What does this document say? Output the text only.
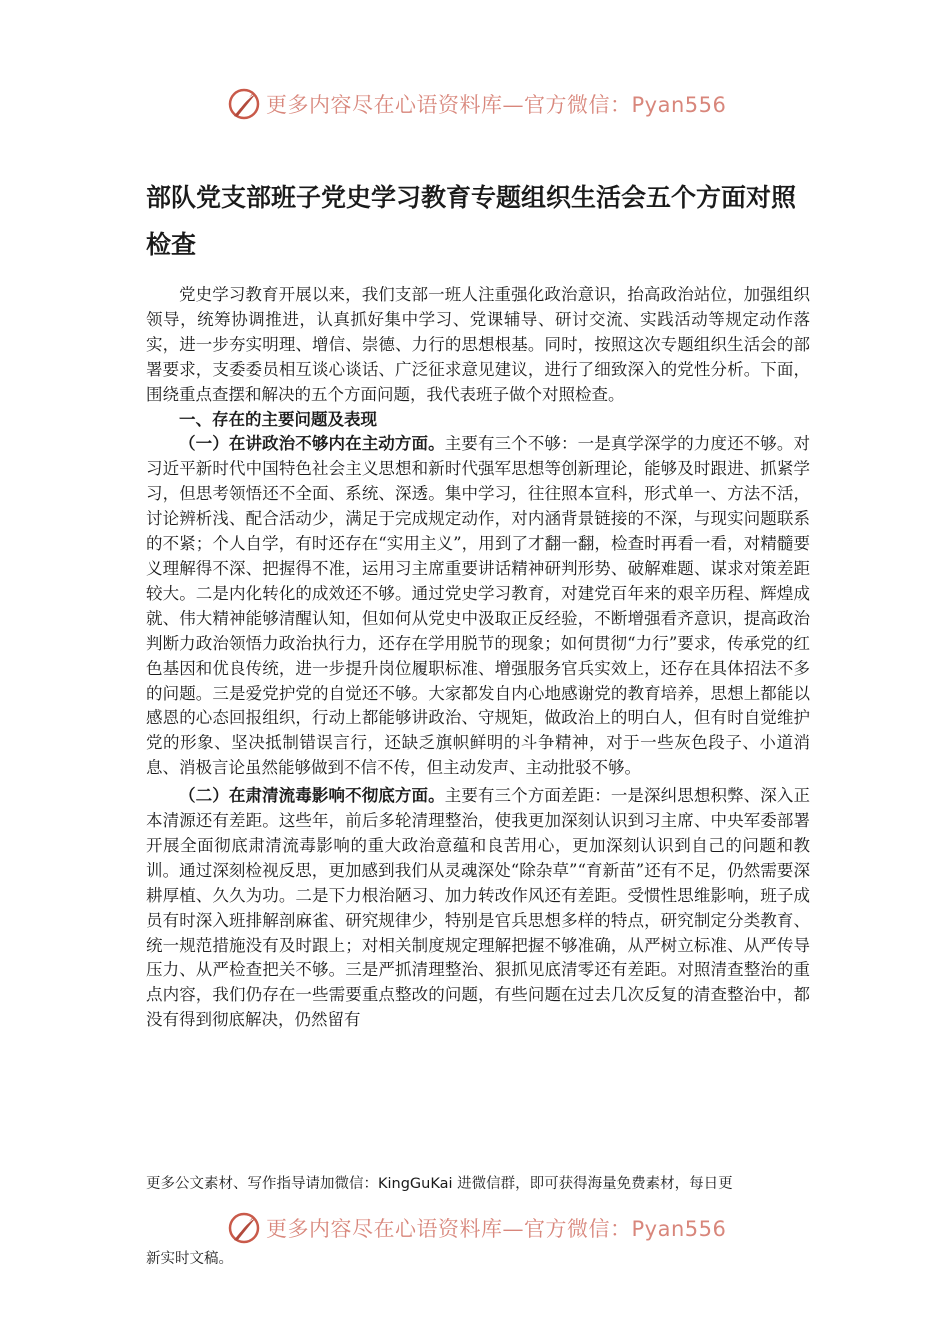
更多内容尽在心语资料库—官方微信：Pyan556
部队党支部班子党史学习教育专题组织生活会五个方面对照检查

党史学习教育开展以来，我们支部一班人注重强化政治意识，抬高政治站位，加强组织领导，统筹协调推进，认真抓好集中学习、党课辅导、研讨交流、实践活动等规定动作落实，进一步夯实明理、增信、崇德、力行的思想根基。同时，按照这次专题组织生活会的部署要求，支委委员相互谈心谈话、广泛征求意见建议，进行了细致深入的党性分析。下面，围绕重点查摆和解决的五个方面问题，我代表班子做个对照检查。

一、存在的主要问题及表现

（一）在讲政治不够内在主动方面。主要有三个不够：一是真学深学的力度还不够。对习近平新时代中国特色社会主义思想和新时代强军思想等创新理论，能够及时跟进、抓紧学习，但思考领悟还不全面、系统、深透。集中学习，往往照本宣科，形式单一、方法不活，讨论辨析浅、配合活动少，满足于完成规定动作，对内涵背景链接的不深，与现实问题联系的不紧；个人自学，有时还存在“实用主义”，用到了才翻一翻，检查时再看一看，对精髓要义理解得不深、把握得不准，运用习主席重要讲话精神研判形势、破解难题、谋求对策差距较大。二是内化转化的成效还不够。通过党史学习教育，对建党百年来的艰辛历程、辉煌成就、伟大精神能够清醒认知，但如何从党史中汲取正反经验，不断增强看齐意识，提高政治判断力政治领悟力政治执行力，还存在学用脱节的现象；如何贯彻“力行”要求，传承党的红色基因和优良传统，进一步提升岗位履职标准、增强服务官兵实效上，还存在具体招法不多的问题。三是爱党护党的自觉还不够。大家都发自内心地感谢党的教育培养，思想上都能以感恩的心态回报组织，行动上都能够讲政治、守规矩，做政治上的明白人，但有时自觉维护党的形象、坚决抵制错误言行，还缺乏旗帜鲜明的斗争精神，对于一些灰色段子、小道消息、消极言论虽然能够做到不信不传，但主动发声、主动批驳不够。

（二）在肃清流毒影响不彻底方面。主要有三个方面差距：一是深纠思想积弊、深入正本清源还有差距。这些年，前后多轮清理整治，使我更加深刻认识到习主席、中央军委部署开展全面彻底肃清流毒影响的重大政治意蕴和良苦用心，更加深刻认识到自己的问题和教训。通过深刻检视反思，更加感到我们从灵魂深处“除杂草”“育新苗”还有不足，仍然需要深耕厚植、久久为功。二是下力根治陋习、加力转改作风还有差距。受惯性思维影响，班子成员有时深入班排解剖麻雀、研究规律少，特别是官兵思想多样的特点，研究制定分类教育、统一规范措施没有及时跟上；对相关制度规定理解把握不够准确，从严树立标准、从严传导压力、从严检查把关不够。三是严抓清理整治、狠抓见底清零还有差距。对照清查整治的重点内容，我们仍存在一些需要重点整改的问题，有些问题在过去几次反复的清查整治中，都没有得到彻底解决，仍然留有

更多公文素材、写作指导请加微信：KingGuKai 进微信群，即可获得海量免费素材，每日更
更多内容尽在心语资料库—官方微信：Pyan556
新实时文稿。
